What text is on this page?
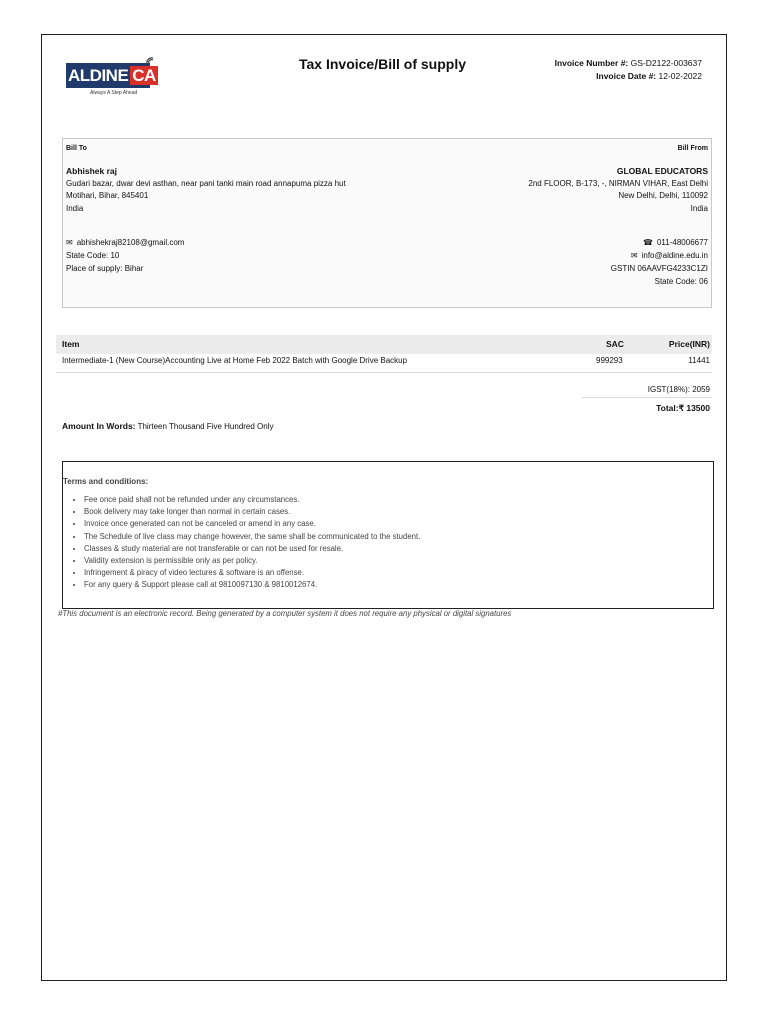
ALDINE CA
Always A Step Ahead
Tax Invoice/Bill of supply	Invoice Number #: GS-D2122-003637
Invoice Date #: 12-02-2022
Bill To	Bill From
Abhishek raj
Gudari bazar, dwar devi asthan, near pani tanki main road annapuma pizza hut
Motihari, Bihar, 845401
India
GLOBAL EDUCATORS
2nd FLOOR, B-173, -, NIRMAN VIHAR, East Delhi
New Delhi, Delhi, 110092
India
✉ abhishekraj82108@gmail.com
State Code: 10
Place of supply: Bihar
☎ 011-48006677
✉ info@aldine.edu.in
GSTIN 06AAVFG4233C1ZI
State Code: 06
Item	SAC	Price(INR)
Intermediate-1 (New Course)Accounting Live at Home Feb 2022 Batch with Google Drive Backup	999293	11441
IGST(18%): 2059
Total:₹ 13500
Amount In Words: Thirteen Thousand Five Hundred Only
Terms and conditions:
• Fee once paid shall not be refunded under any circumstances.
• Book delivery may take longer than normal in certain cases.
• Invoice once generated can not be canceled or amend in any case.
• The Schedule of live class may change however, the same shall be communicated to the student.
• Classes & study material are not transferable or can not be used for resale.
• Validity extension is permissible only as per policy.
• Infringement & piracy of video lectures & software is an offense.
• For any query & Support please call at 9810097130 & 9810012674.
#This document is an electronic record. Being generated by a computer system it does not require any physical or digital signatures
